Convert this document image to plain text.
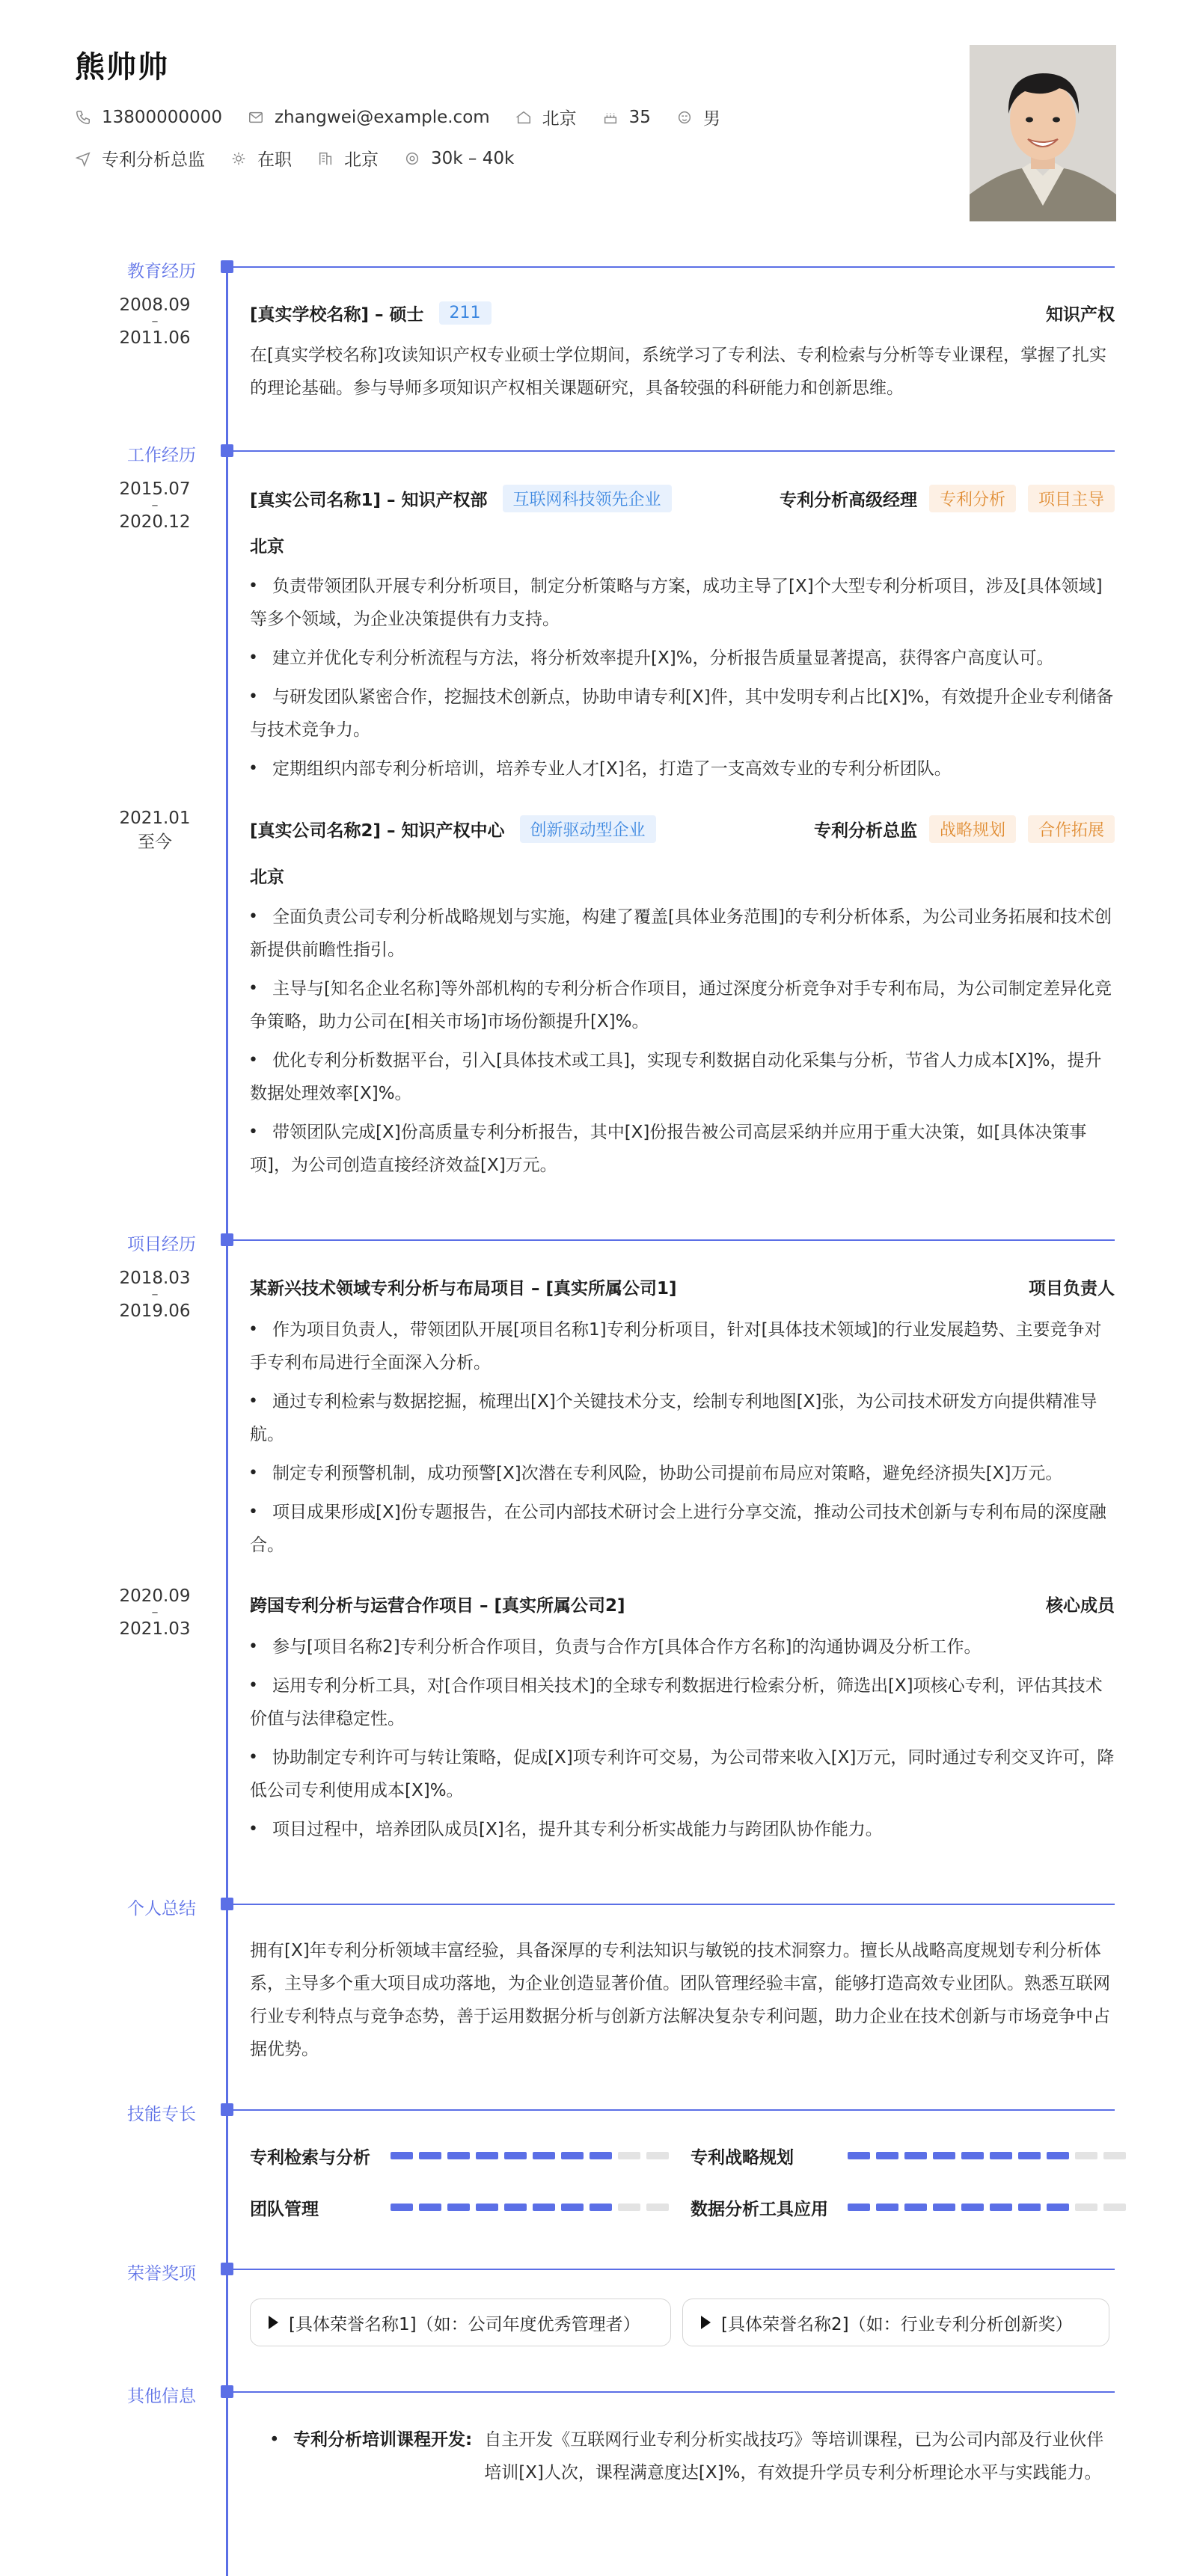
熊帅帅
13800000000	zhangwei@example.com	北京	35	男
专利分析总监	在职	北京	30k – 40k
教育经历
2008.09
–
2011.06
[真实学校名称] – 硕士	211	知识产权
在[真实学校名称]攻读知识产权专业硕士学位期间，系统学习了专利法、专利检索与分析等专业课程，掌握了扎实的理论基础。参与导师多项知识产权相关课题研究，具备较强的科研能力和创新思维。
工作经历
2015.07
–
2020.12
[真实公司名称1] – 知识产权部	互联网科技领先企业	专利分析高级经理	专利分析	项目主导
北京
• 负责带领团队开展专利分析项目，制定分析策略与方案，成功主导了[X]个大型专利分析项目，涉及[具体领域]等多个领域，为企业决策提供有力支持。
• 建立并优化专利分析流程与方法，将分析效率提升[X]%，分析报告质量显著提高，获得客户高度认可。
• 与研发团队紧密合作，挖掘技术创新点，协助申请专利[X]件，其中发明专利占比[X]%，有效提升企业专利储备与技术竞争力。
• 定期组织内部专利分析培训，培养专业人才[X]名，打造了一支高效专业的专利分析团队。
2021.01
至今
[真实公司名称2] – 知识产权中心	创新驱动型企业	专利分析总监	战略规划	合作拓展
北京
• 全面负责公司专利分析战略规划与实施，构建了覆盖[具体业务范围]的专利分析体系，为公司业务拓展和技术创新提供前瞻性指引。
• 主导与[知名企业名称]等外部机构的专利分析合作项目，通过深度分析竞争对手专利布局，为公司制定差异化竞争策略，助力公司在[相关市场]市场份额提升[X]%。
• 优化专利分析数据平台，引入[具体技术或工具]，实现专利数据自动化采集与分析，节省人力成本[X]%，提升数据处理效率[X]%。
• 带领团队完成[X]份高质量专利分析报告，其中[X]份报告被公司高层采纳并应用于重大决策，如[具体决策事项]，为公司创造直接经济效益[X]万元。
项目经历
2018.03
–
2019.06
某新兴技术领域专利分析与布局项目 – [真实所属公司1]	项目负责人
• 作为项目负责人，带领团队开展[项目名称1]专利分析项目，针对[具体技术领域]的行业发展趋势、主要竞争对手专利布局进行全面深入分析。
• 通过专利检索与数据挖掘，梳理出[X]个关键技术分支，绘制专利地图[X]张，为公司技术研发方向提供精准导航。
• 制定专利预警机制，成功预警[X]次潜在专利风险，协助公司提前布局应对策略，避免经济损失[X]万元。
• 项目成果形成[X]份专题报告，在公司内部技术研讨会上进行分享交流，推动公司技术创新与专利布局的深度融合。
2020.09
–
2021.03
跨国专利分析与运营合作项目 – [真实所属公司2]	核心成员
• 参与[项目名称2]专利分析合作项目，负责与合作方[具体合作方名称]的沟通协调及分析工作。
• 运用专利分析工具，对[合作项目相关技术]的全球专利数据进行检索分析，筛选出[X]项核心专利，评估其技术价值与法律稳定性。
• 协助制定专利许可与转让策略，促成[X]项专利许可交易，为公司带来收入[X]万元，同时通过专利交叉许可，降低公司专利使用成本[X]%。
• 项目过程中，培养团队成员[X]名，提升其专利分析实战能力与跨团队协作能力。
个人总结
拥有[X]年专利分析领域丰富经验，具备深厚的专利法知识与敏锐的技术洞察力。擅长从战略高度规划专利分析体系，主导多个重大项目成功落地，为企业创造显著价值。团队管理经验丰富，能够打造高效专业团队。熟悉互联网行业专利特点与竞争态势，善于运用数据分析与创新方法解决复杂专利问题，助力企业在技术创新与市场竞争中占据优势。
技能专长
专利检索与分析	专利战略规划
团队管理	数据分析工具应用
荣誉奖项
[具体荣誉名称1]（如：公司年度优秀管理者）	[具体荣誉名称2]（如：行业专利分析创新奖）
其他信息
• 专利分析培训课程开发: 自主开发《互联网行业专利分析实战技巧》等培训课程，已为公司内部及行业伙伴培训[X]人次，课程满意度达[X]%，有效提升学员专利分析理论水平与实践能力。
